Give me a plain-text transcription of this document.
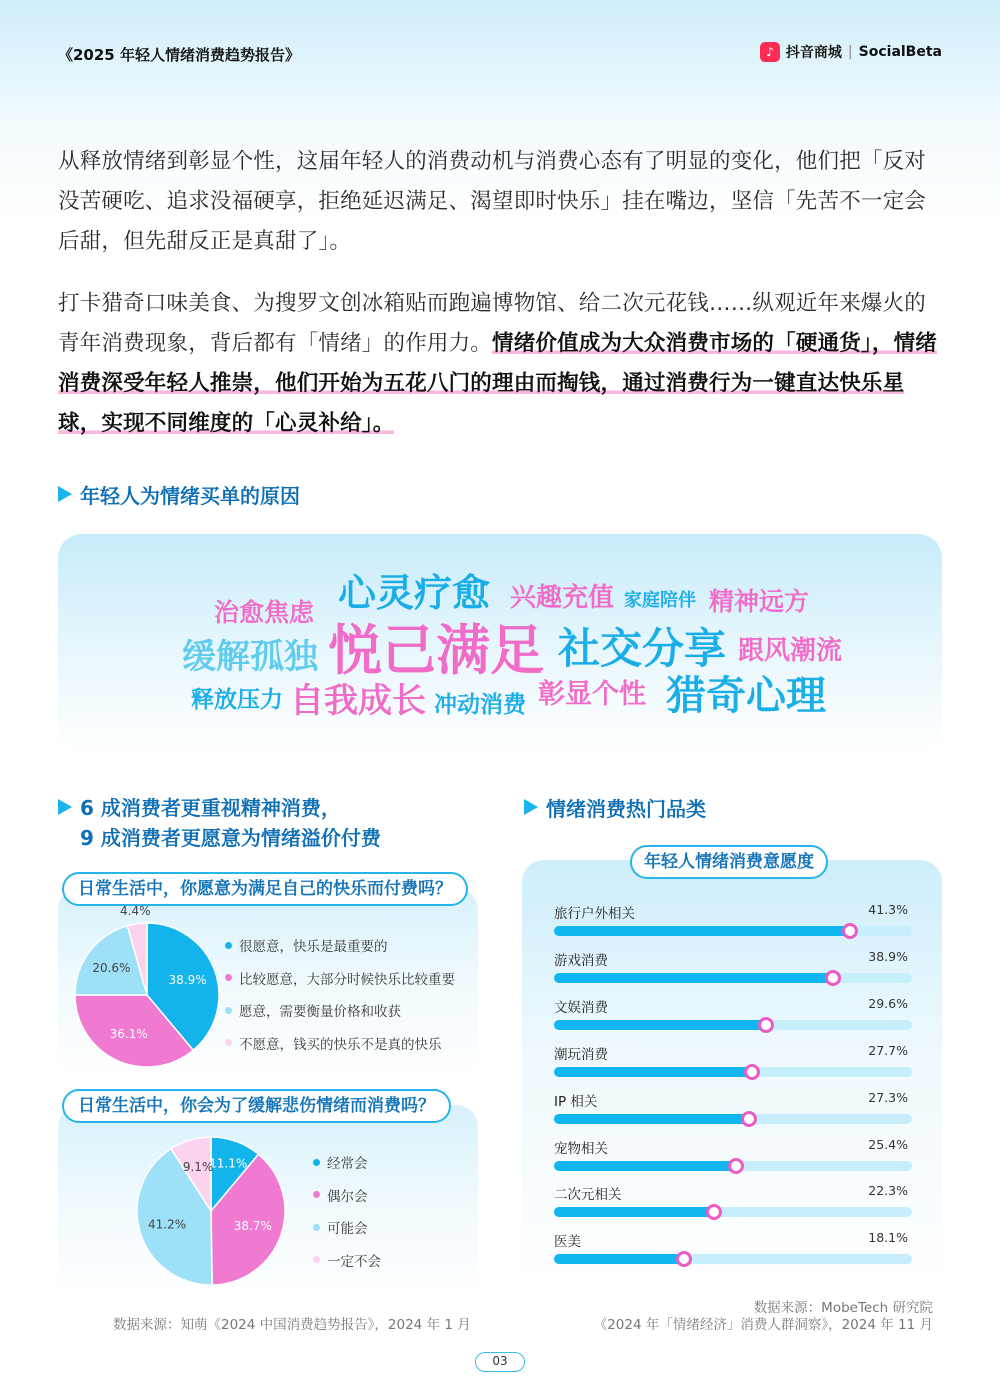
《2025 年轻人情绪消费趋势报告》	♪ 抖音商城 | SocialBeta

从释放情绪到彰显个性，这届年轻人的消费动机与消费心态有了明显的变化，他们把「反对没苦硬吃、追求没福硬享，拒绝延迟满足、渴望即时快乐」挂在嘴边，坚信「先苦不一定会后甜，但先甜反正是真甜了」。

打卡猎奇口味美食、为搜罗文创冰箱贴而跑遍博物馆、给二次元花钱……纵观近年来爆火的青年消费现象，背后都有「情绪」的作用力。情绪价值成为大众消费市场的「硬通货」，情绪消费深受年轻人推崇，他们开始为五花八门的理由而掏钱，通过消费行为一键直达快乐星球，实现不同维度的「心灵补给」。

年轻人为情绪买单的原因
心灵疗愈 兴趣充值 家庭陪伴 精神远方
治愈焦虑
缓解孤独 悦己满足 社交分享 跟风潮流
释放压力 自我成长 冲动消费 彰显个性 猎奇心理
6 成消费者更重视精神消费，
9 成消费者更愿意为情绪溢价付费
情绪消费热门品类
日常生活中，你愿意为满足自己的快乐而付费吗？
38.9%
36.1%
20.6%
4.4%
很愿意，快乐是最重要的
比较愿意，大部分时候快乐比较重要
愿意，需要衡量价格和收获
不愿意，钱买的快乐不是真的快乐
日常生活中，你会为了缓解悲伤情绪而消费吗？
11.1%
38.7%
41.2%
9.1%	经常会
偶尔会
可能会
一定不会
数据来源：知萌《2024 中国消费趋势报告》，2024 年 1 月
年轻人情绪消费意愿度
旅行户外相关	41.3%
游戏消费	38.9%
文娱消费	29.6%
潮玩消费	27.7%
IP 相关	27.3%
宠物相关	25.4%
二次元相关	22.3%
医美	18.1%
数据来源：MobeTech 研究院
《2024 年「情绪经济」消费人群洞察》，2024 年 11 月
03
